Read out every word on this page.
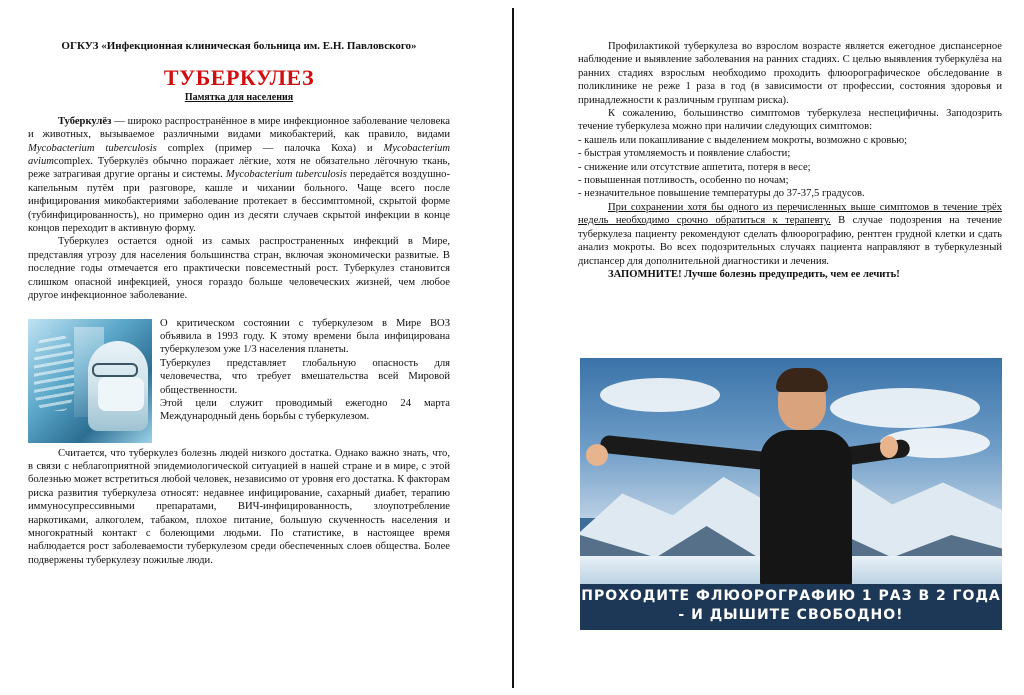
ОГКУЗ «Инфекционная клиническая больница им. Е.Н. Павловского»

ТУБЕРКУЛЕЗ

Памятка для населения

Туберкулёз — широко распространённое в мире инфекционное заболевание человека и животных, вызываемое различными видами микобактерий, как правило, видами Mycobacterium tuberculosis complex (пример — палочка Коха) и Mycobacterium aviumcomplex. Туберкулёз обычно поражает лёгкие, хотя не обязательно лёгочную ткань, реже затрагивая другие органы и системы. Mycobacterium tuberculosis передаётся воздушно-капельным путём при разговоре, кашле и чихании больного. Чаще всего после инфицирования микобактериями заболевание протекает в бессимптомной, скрытой форме (тубинфицированность), но примерно один из десяти случаев скрытой инфекции в конце концов переходит в активную форму.

Туберкулез остается одной из самых распространенных инфекций в Мире, представляя угрозу для населения большинства стран, включая экономически развитые. В последние годы отмечается его практически повсеместный рост. Туберкулез становится слишком опасной инфекцией, унося гораздо больше человеческих жизней, чем любое другое инфекционное заболевание.

О критическом состоянии с туберкулезом в Мире ВОЗ объявила в 1993 году. К этому времени была инфицирована туберкулезом уже 1/3 населения планеты.

Туберкулез представляет глобальную опасность для человечества, что требует вмешательства всей Мировой общественности.

Этой цели служит проводимый ежегодно 24 марта Международный день борьбы с туберкулезом.

Считается, что туберкулез болезнь людей низкого достатка. Однако важно знать, что, в связи с неблагоприятной эпидемиологической ситуацией в нашей стране и в мире, с этой болезнью может встретиться любой человек, независимо от уровня его достатка. К факторам риска развития туберкулеза относят: недавнее инфицирование, сахарный диабет, терапию иммуносупрессивными препаратами, ВИЧ-инфицированность, злоупотребление наркотиками, алкоголем, табаком, плохое питание, большую скученность населения и многократный контакт с болеющими людьми. По статистике, в настоящее время наблюдается рост заболеваемости туберкулезом среди обеспеченных слоев общества. Более подвержены туберкулезу пожилые люди.

Профилактикой туберкулеза во взрослом возрасте является ежегодное диспансерное наблюдение и выявление заболевания на ранних стадиях. С целью выявления туберкулёза на ранних стадиях взрослым необходимо проходить флюорографическое обследование в поликлинике не реже 1 раза в год (в зависимости от профессии, состояния здоровья и принадлежности к различным группам риска).

К сожалению, большинство симптомов туберкулеза неспецифичны. Заподозрить течение туберкулеза можно при наличии следующих симптомов:

- кашель или покашливание с выделением мокроты, возможно с кровью;

- быстрая утомляемость и появление слабости;

- снижение или отсутствие аппетита, потеря в весе;

- повышенная потливость, особенно по ночам;

- незначительное повышение температуры до 37-37,5 градусов.

При сохранении хотя бы одного из перечисленных выше симптомов в течение трёх недель необходимо срочно обратиться к терапевту. В случае подозрения на течение туберкулеза пациенту рекомендуют сделать флюорографию, рентген грудной клетки и сдать анализ мокроты. Во всех подозрительных случаях пациента направляют в туберкулезный диспансер для дополнительной диагностики и лечения.

ЗАПОМНИТЕ! Лучше болезнь предупредить, чем ее лечить!

ПРОХОДИТЕ ФЛЮОРОГРАФИЮ 1 РАЗ В 2 ГОДА
- И ДЫШИТЕ СВОБОДНО!
